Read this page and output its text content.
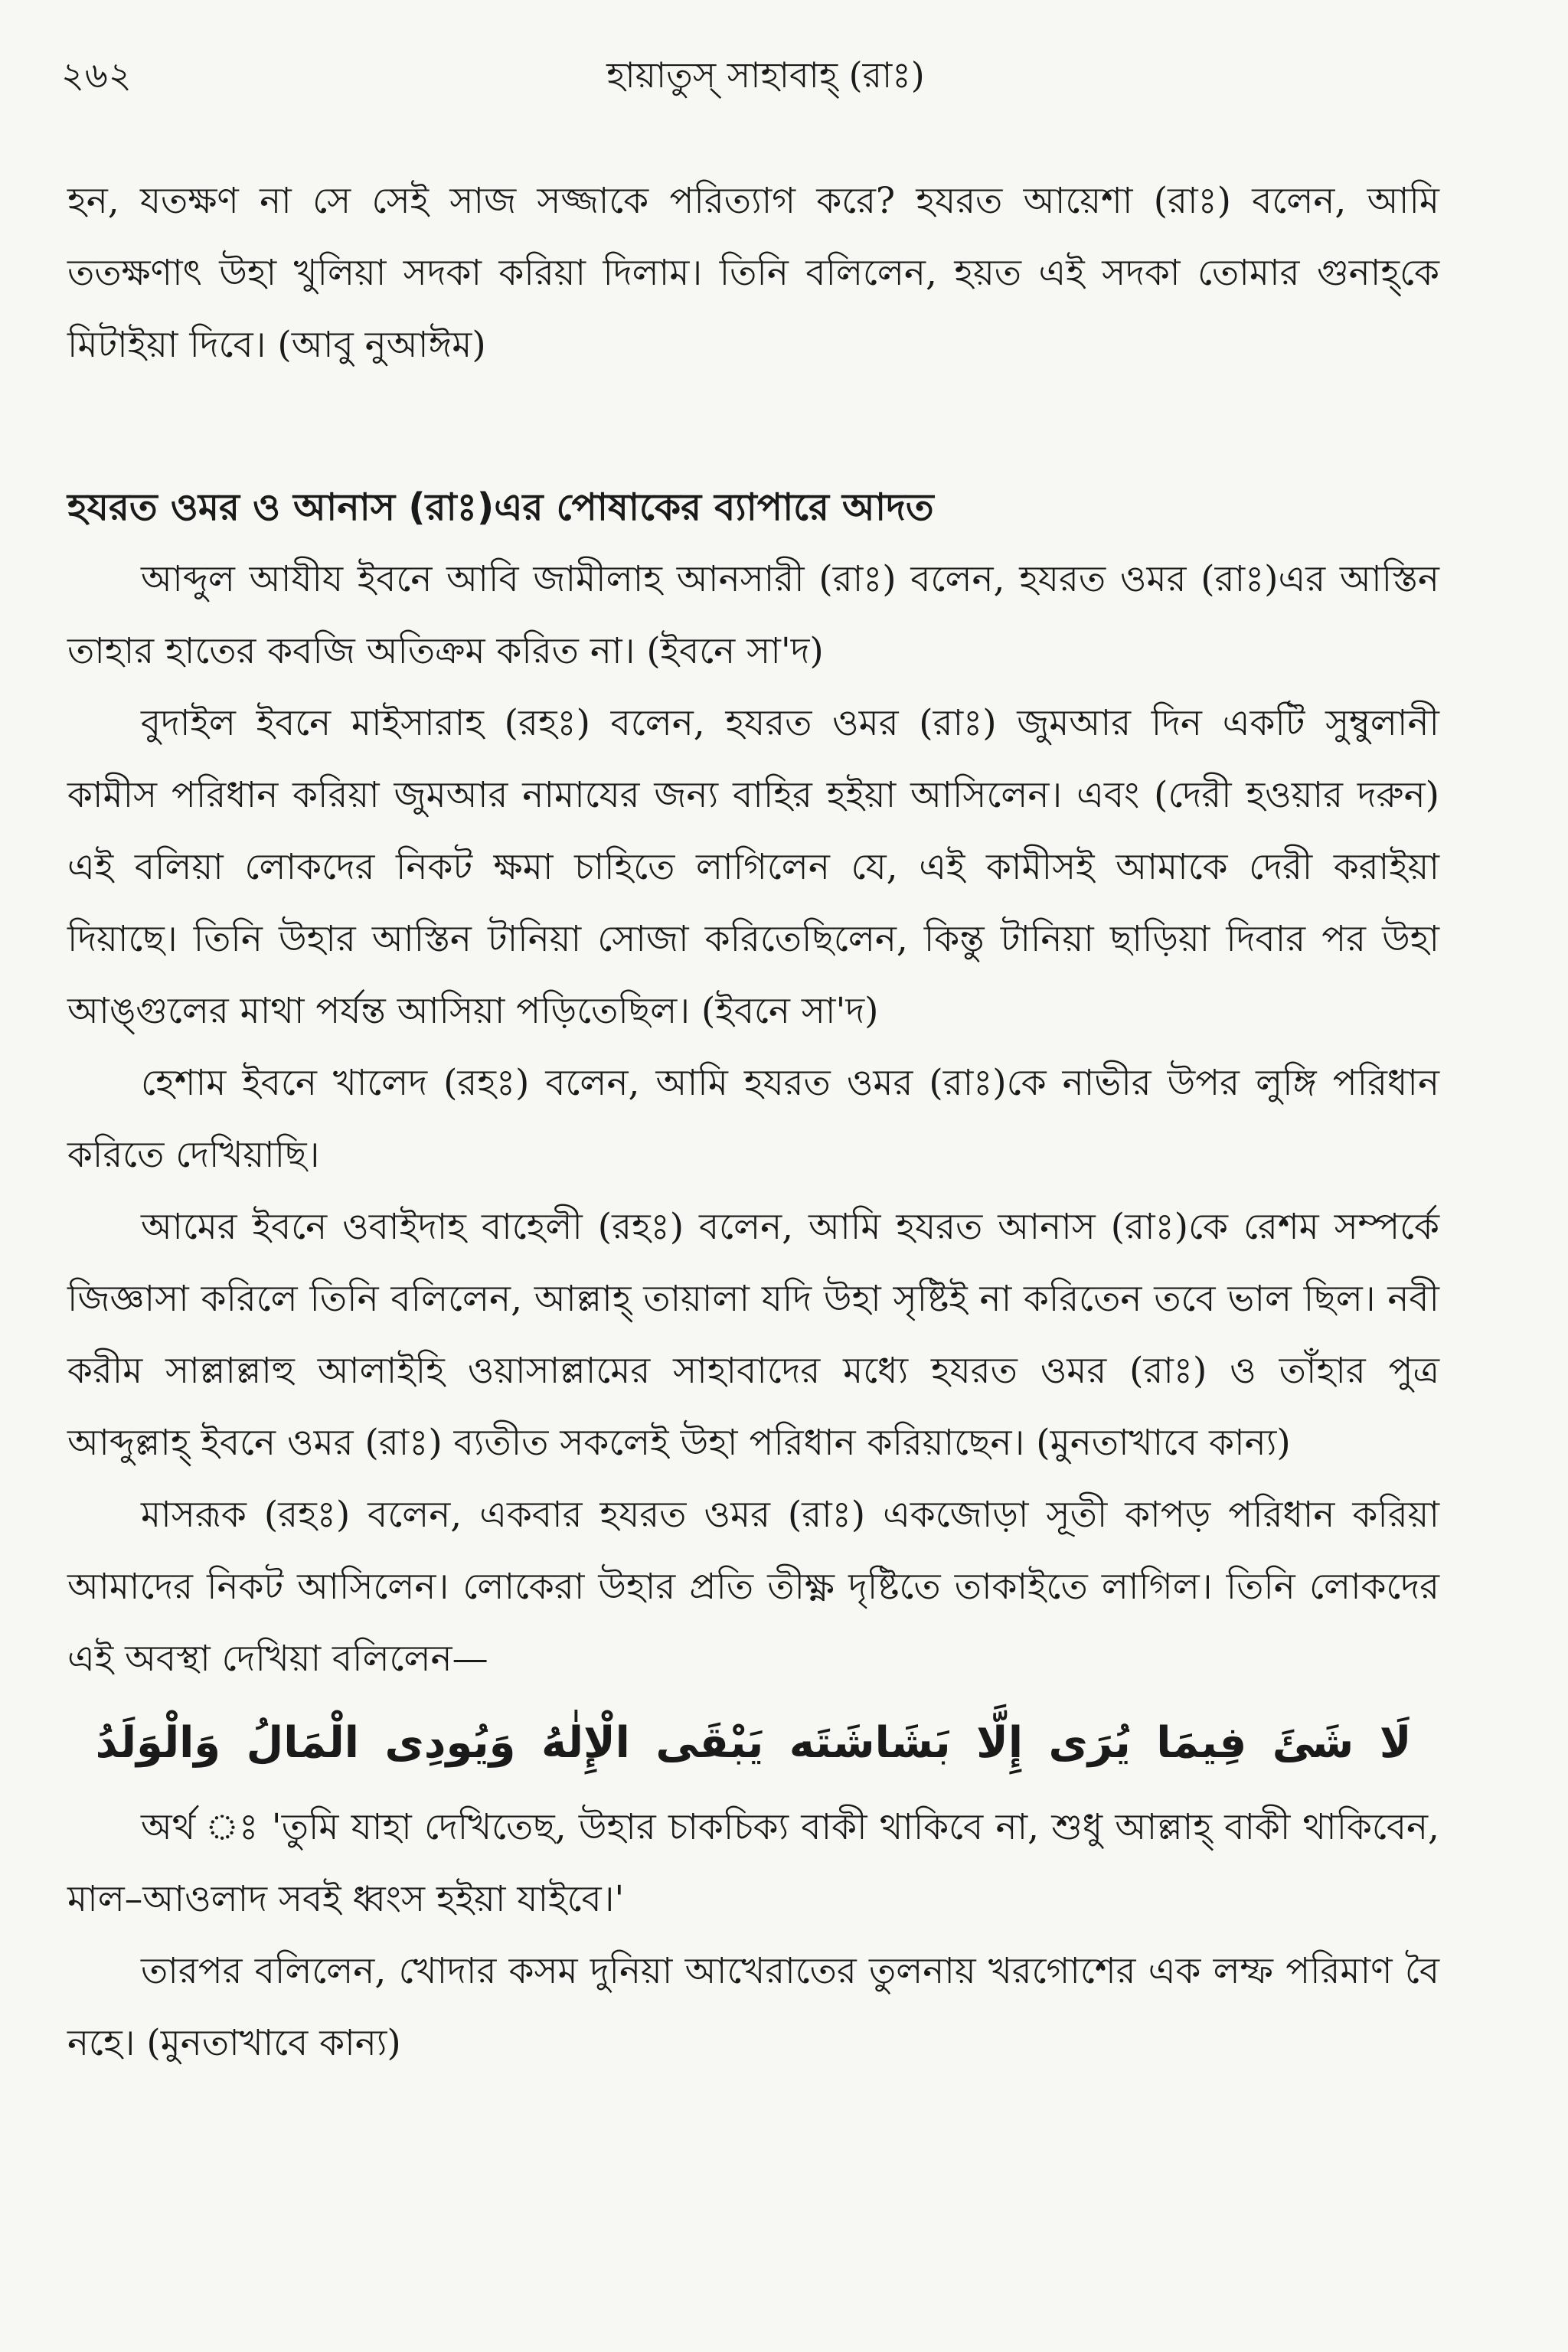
২৬২	হায়াতুস্ সাহাবাহ্ (রাঃ)

হন, যতক্ষণ না সে সেই সাজ সজ্জাকে পরিত্যাগ করে? হযরত আয়েশা (রাঃ) বলেন, আমি ততক্ষণাৎ উহা খুলিয়া সদকা করিয়া দিলাম। তিনি বলিলেন, হয়ত এই সদকা তোমার গুনাহ্‌কে মিটাইয়া দিবে। (আবু নুআঈম)

হযরত ওমর ও আনাস (রাঃ)এর পোষাকের ব্যাপারে আদত

আব্দুল আযীয ইবনে আবি জামীলাহ আনসারী (রাঃ) বলেন, হযরত ওমর (রাঃ)এর আস্তিন তাহার হাতের কবজি অতিক্রম করিত না। (ইবনে সা'দ)

বুদাইল ইবনে মাইসারাহ (রহঃ) বলেন, হযরত ওমর (রাঃ) জুমআর দিন একটি সুম্বুলানী কামীস পরিধান করিয়া জুমআর নামাযের জন্য বাহির হইয়া আসিলেন। এবং (দেরী হওয়ার দরুন) এই বলিয়া লোকদের নিকট ক্ষমা চাহিতে লাগিলেন যে, এই কামীসই আমাকে দেরী করাইয়া দিয়াছে। তিনি উহার আস্তিন টানিয়া সোজা করিতেছিলেন, কিন্তু টানিয়া ছাড়িয়া দিবার পর উহা আঙ্গুলের মাথা পর্যন্ত আসিয়া পড়িতেছিল। (ইবনে সা'দ)

হেশাম ইবনে খালেদ (রহঃ) বলেন, আমি হযরত ওমর (রাঃ)কে নাভীর উপর লুঙ্গি পরিধান করিতে দেখিয়াছি।

আমের ইবনে ওবাইদাহ বাহেলী (রহঃ) বলেন, আমি হযরত আনাস (রাঃ)কে রেশম সম্পর্কে জিজ্ঞাসা করিলে তিনি বলিলেন, আল্লাহ্ তায়ালা যদি উহা সৃষ্টিই না করিতেন তবে ভাল ছিল। নবী করীম সাল্লাল্লাহু আলাইহি ওয়াসাল্লামের সাহাবাদের মধ্যে হযরত ওমর (রাঃ) ও তাঁহার পুত্র আব্দুল্লাহ্ ইবনে ওমর (রাঃ) ব্যতীত সকলেই উহা পরিধান করিয়াছেন। (মুনতাখাবে কান্য)

মাসরূক (রহঃ) বলেন, একবার হযরত ওমর (রাঃ) একজোড়া সূতী কাপড় পরিধান করিয়া আমাদের নিকট আসিলেন। লোকেরা উহার প্রতি তীক্ষ্ণ দৃষ্টিতে তাকাইতে লাগিল। তিনি লোকদের এই অবস্থা দেখিয়া বলিলেন—

لَا شَئَ فِيمَا يُرَى إِلَّا بَشَاشَتَه يَبْقَى الْإِلٰهُ وَيُودِى الْمَالُ وَالْوَلَدُ

অর্থ ঃ 'তুমি যাহা দেখিতেছ, উহার চাকচিক্য বাকী থাকিবে না, শুধু আল্লাহ্ বাকী থাকিবেন, মাল–আওলাদ সবই ধ্বংস হইয়া যাইবে।'

তারপর বলিলেন, খোদার কসম দুনিয়া আখেরাতের তুলনায় খরগোশের এক লম্ফ পরিমাণ বৈ নহে। (মুনতাখাবে কান্য)
